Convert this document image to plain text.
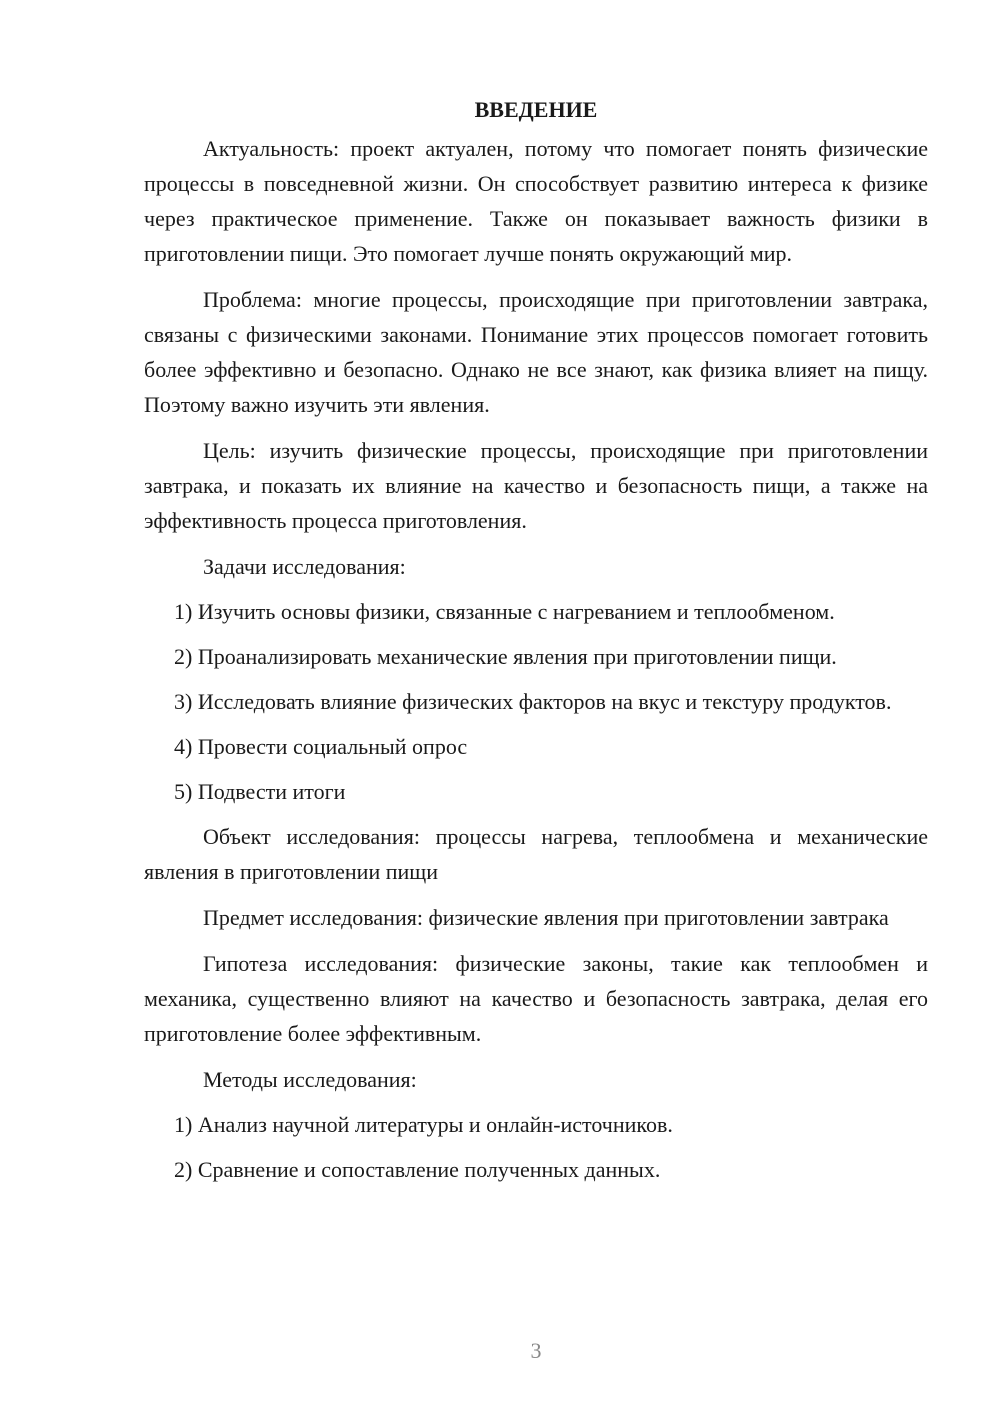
ВВЕДЕНИЕ

Актуальность: проект актуален, потому что помогает понять физические процессы в повседневной жизни. Он способствует развитию интереса к физике через практическое применение. Также он показывает важность физики в приготовлении пищи. Это помогает лучше понять окружающий мир.

Проблема: многие процессы, происходящие при приготовлении завтрака, связаны с физическими законами. Понимание этих процессов помогает готовить более эффективно и безопасно. Однако не все знают, как физика влияет на пищу. Поэтому важно изучить эти явления.

Цель: изучить физические процессы, происходящие при приготовлении завтрака, и показать их влияние на качество и безопасность пищи, а также на эффективность процесса приготовления.

Задачи исследования:

1) Изучить основы физики, связанные с нагреванием и теплообменом.

2) Проанализировать механические явления при приготовлении пищи.

3) Исследовать влияние физических факторов на вкус и текстуру продуктов.

4) Провести социальный опрос

5) Подвести итоги

Объект исследования: процессы нагрева, теплообмена и механические явления в приготовлении пищи

Предмет исследования: физические явления при приготовлении завтрака

Гипотеза исследования: физические законы, такие как теплообмен и механика, существенно влияют на качество и безопасность завтрака, делая его приготовление более эффективным.

Методы исследования:

1) Анализ научной литературы и онлайн-источников.

2) Сравнение и сопоставление полученных данных.

3
